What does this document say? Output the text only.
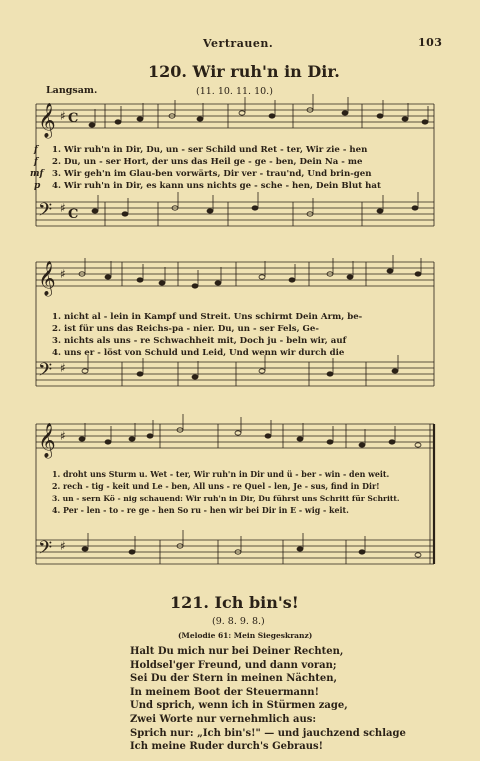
Vertrauen.	103
120. Wir ruh'n in Dir.
Langsam.	(11. 10. 11. 10.)
𝄞
𝄢
♯ C
♯ C
𝄞
𝄢
♯
♯
𝄞
𝄢
♯
♯
f
f
mf
p
1. Wir ruh'n in Dir, Du, un - ser Schild und Ret - ter, Wir zie - hen
2. Du, un - ser Hort, der uns das Heil ge - ge - ben, Dein Na - me
3. Wir geh'n im Glau-ben vorwärts, Dir ver - trau'nd, Und brin-gen
4. Wir ruh'n in Dir, es kann uns nichts ge - sche - hen, Dein Blut hat
1. nicht al - lein in Kampf und Streit. Uns schirmt Dein Arm, be-
2. ist für uns das Reichs-pa - nier. Du, un - ser Fels, Ge-
3. nichts als uns - re Schwachheit mit, Doch ju - beln wir, auf
4. uns er - löst von Schuld und Leid, Und wenn wir durch die
1. droht uns Sturm u. Wet - ter, Wir ruh'n in Dir und ü - ber - win - den weit.
2. rech - tig - keit und Le - ben, All uns - re Quel - len, Je - sus, find in Dir!
3. un - sern Kö - nig schauend: Wir ruh'n in Dir, Du führst uns Schritt für Schritt.
4. Per - len - to - re ge - hen So ru - hen wir bei Dir in E - wig - keit.
121. Ich bin's!
(9. 8. 9. 8.)
(Melodie 61: Mein Siegeskranz)
Halt Du mich nur bei Deiner Rechten,
Holdsel'ger Freund, und dann voran;
Sei Du der Stern in meinen Nächten,
In meinem Boot der Steuermann!
Und sprich, wenn ich in Stürmen zage,
Zwei Worte nur vernehmlich aus:
Sprich nur: „Ich bin's!" — und jauchzend schlage
Ich meine Ruder durch's Gebraus!
